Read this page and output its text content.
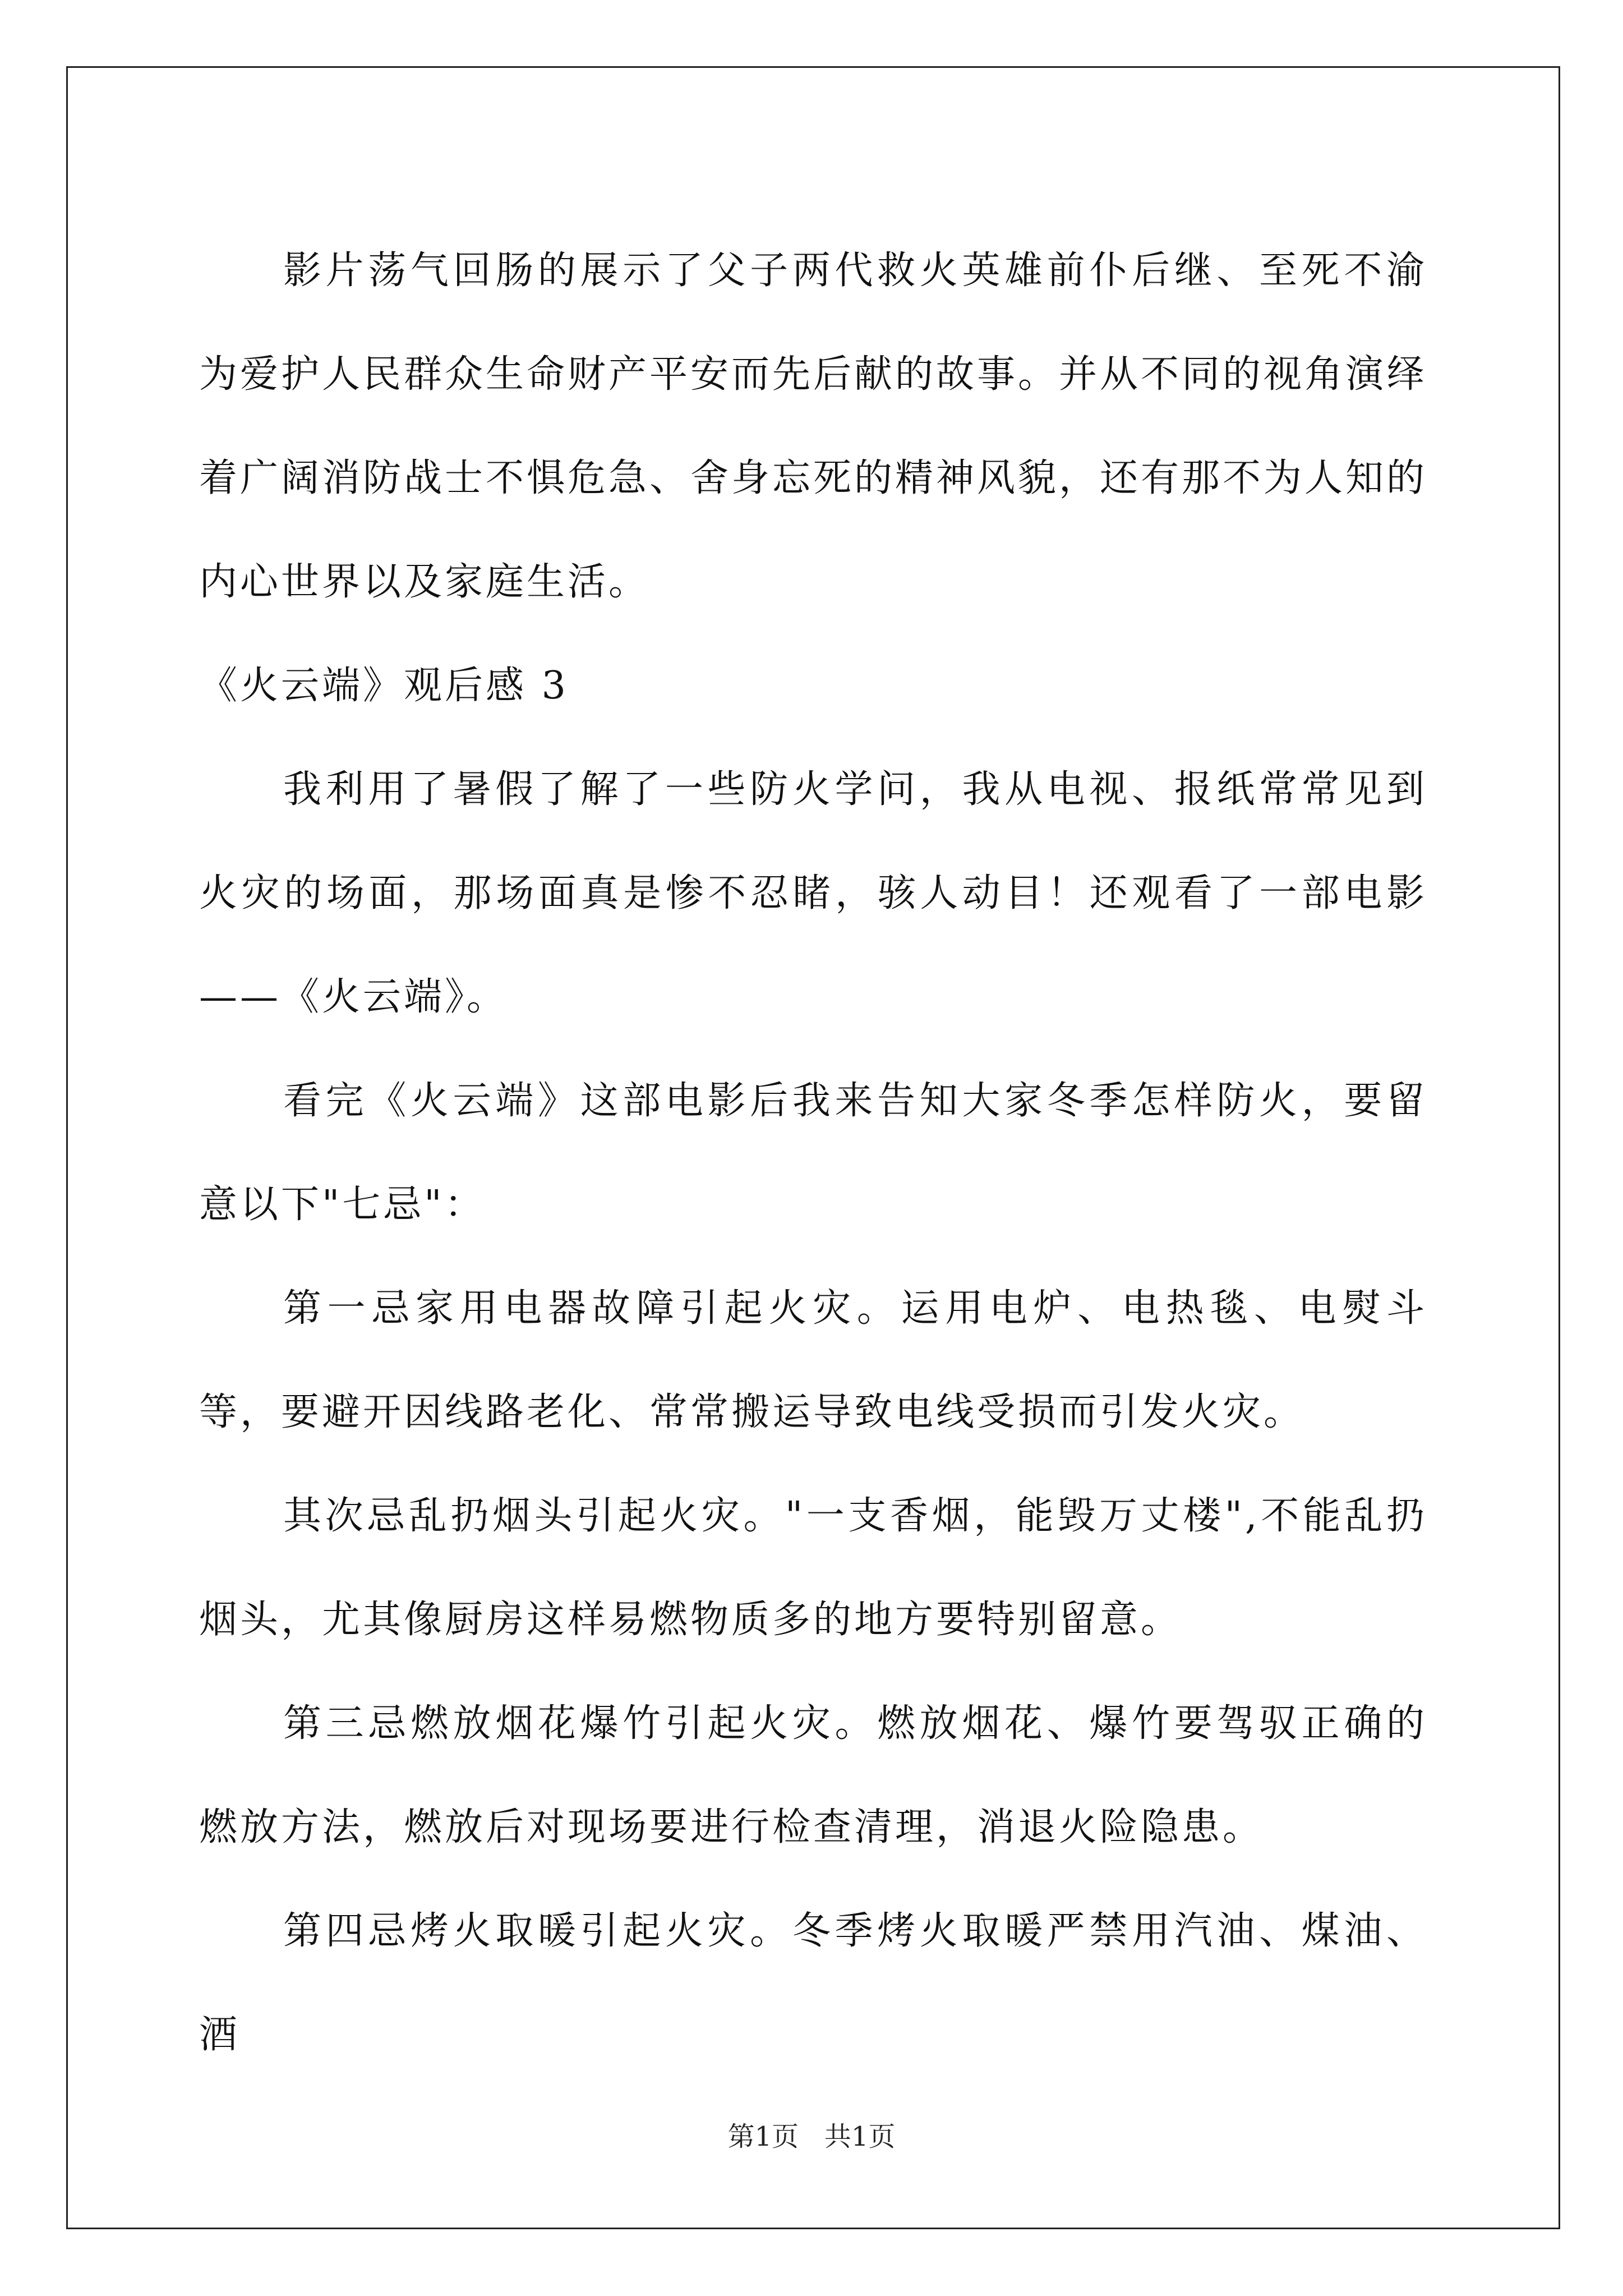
影片荡气回肠的展示了父子两代救火英雄前仆后继、至死不渝为爱护人民群众生命财产平安而先后献的故事。并从不同的视角演绎着广阔消防战士不惧危急、舍身忘死的精神风貌，还有那不为人知的内心世界以及家庭生活。

《火云端》观后感 3

我利用了暑假了解了一些防火学问，我从电视、报纸常常见到火灾的场面，那场面真是惨不忍睹，骇人动目！还观看了一部电影——《火云端》。

看完《火云端》这部电影后我来告知大家冬季怎样防火，要留意以下"七忌"：

第一忌家用电器故障引起火灾。运用电炉、电热毯、电熨斗等，要避开因线路老化、常常搬运导致电线受损而引发火灾。

其次忌乱扔烟头引起火灾。"一支香烟，能毁万丈楼",不能乱扔烟头，尤其像厨房这样易燃物质多的地方要特别留意。

第三忌燃放烟花爆竹引起火灾。燃放烟花、爆竹要驾驭正确的燃放方法，燃放后对现场要进行检查清理，消退火险隐患。

第四忌烤火取暖引起火灾。冬季烤火取暖严禁用汽油、煤油、酒

第1页   共1页
